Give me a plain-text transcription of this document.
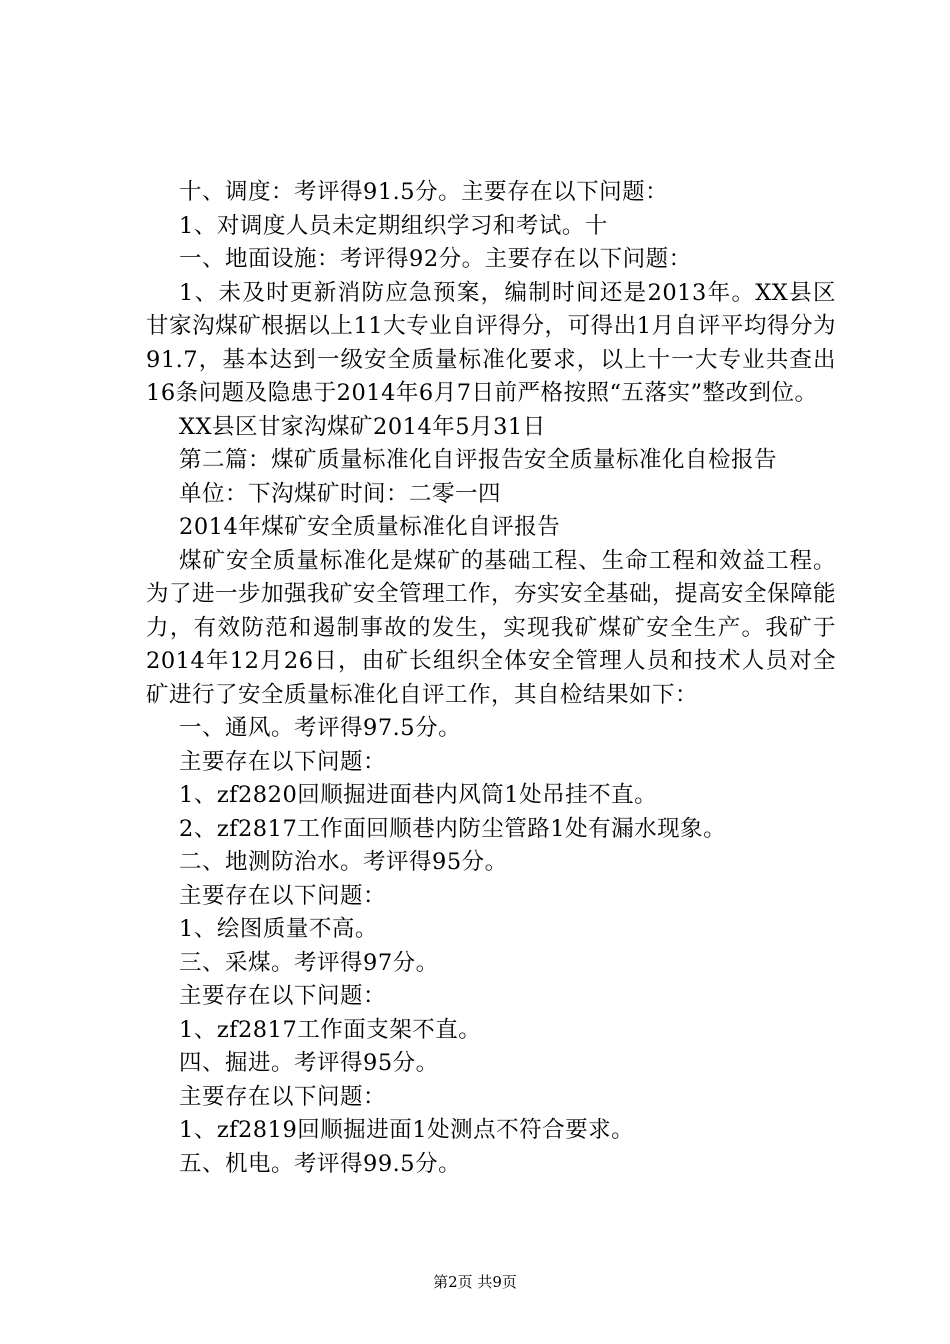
十、调度：考评得91.5分。主要存在以下问题：

1、对调度人员未定期组织学习和考试。十

一、地面设施：考评得92分。主要存在以下问题：

1、未及时更新消防应急预案，编制时间还是2013年。XX县区甘家沟煤矿根据以上11大专业自评得分，可得出1月自评平均得分为91.7，基本达到一级安全质量标准化要求，以上十一大专业共查出16条问题及隐患于2014年6月7日前严格按照“五落实”整改到位。

XX县区甘家沟煤矿2014年5月31日

第二篇：煤矿质量标准化自评报告安全质量标准化自检报告

单位：下沟煤矿时间：二零一四

2014年煤矿安全质量标准化自评报告

煤矿安全质量标准化是煤矿的基础工程、生命工程和效益工程。为了进一步加强我矿安全管理工作，夯实安全基础，提高安全保障能力，有效防范和遏制事故的发生，实现我矿煤矿安全生产。我矿于2014年12月26日，由矿长组织全体安全管理人员和技术人员对全矿进行了安全质量标准化自评工作，其自检结果如下：

一、通风。考评得97.5分。

主要存在以下问题：

1、zf2820回顺掘进面巷内风筒1处吊挂不直。

2、zf2817工作面回顺巷内防尘管路1处有漏水现象。

二、地测防治水。考评得95分。

主要存在以下问题：

1、绘图质量不高。

三、采煤。考评得97分。

主要存在以下问题：

1、zf2817工作面支架不直。

四、掘进。考评得95分。

主要存在以下问题：

1、zf2819回顺掘进面1处测点不符合要求。

五、机电。考评得99.5分。

第2页 共9页
